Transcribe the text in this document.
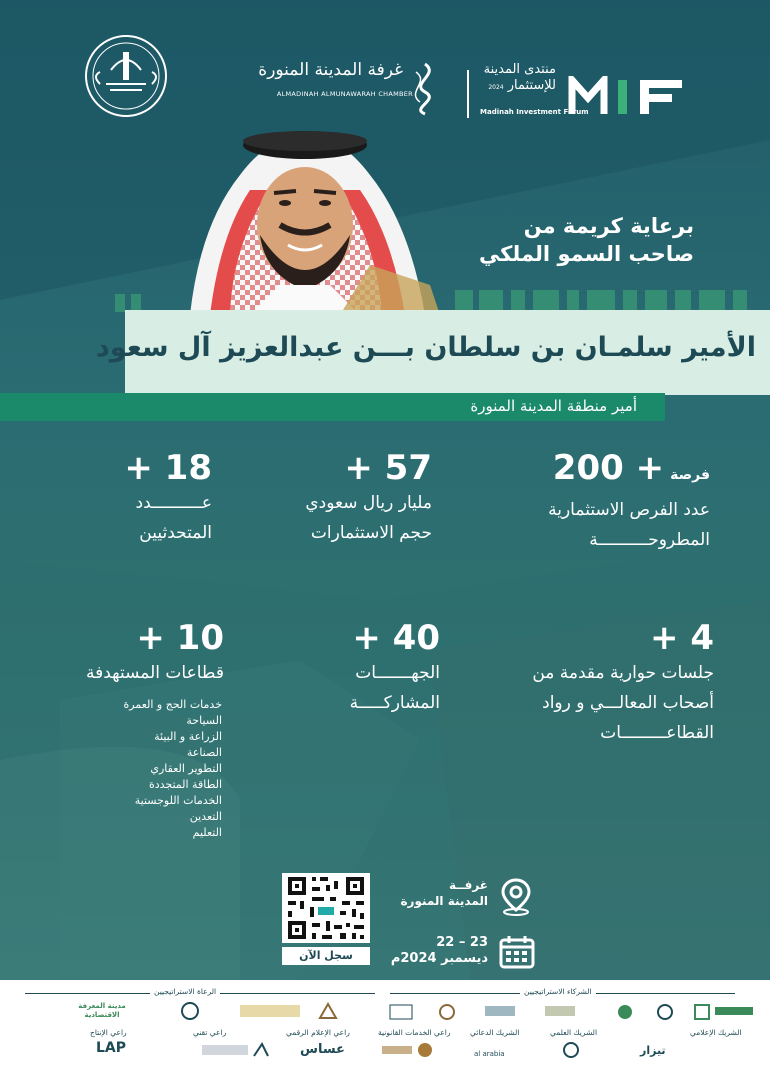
غرفة المدينة المنورة
ALMADINAH ALMUNAWARAH CHAMBER
منتدى المدينة
للإستثمار 2024
Madinah Investment Forum
برعاية كريمة من
صاحب السمو الملكي
الأمير سلمـان بن سلطان بـــن عبدالعزيز آل سعود
أمير منطقة المدينة المنورة
فرصة+ 200
عدد الفرص الاستثمارية
المطروحــــــــــة
+ 57
مليار ريال سعودي
حجم الاستثمارات
+ 18
عــــــــــدد
المتحدثيين
+ 4
جلسات حوارية مقدمة من
أصحاب المعالـــي و رواد
القطاعـــــــــات
+ 40
الجهـــــــات
المشاركـــــة
+ 10
قطاعات المستهدفة
خدمات الحج و العمرة
السياحة
الزراعة و البيئة
الصناعة
التطوير العقاري
الطاقة المتجددة
الخدمات اللوجستية
التعدين
التعليم
سجل الآن
غرفــة
المدينة المنورة
22 – 23
ديسمبر 2024م
الشركاء الاستراتيجيين
الرعاة الاستراتيجيين
مدينة المعرفة الاقتصادية
الشريك الإعلامي
الشريك العلمي
الشريك الدعائي
راعي الخدمات القانونية
راعي الإعلام الرقمي
راعي تقني
راعي الإنتاج
تيزار
al arabia
عساس
LAP
